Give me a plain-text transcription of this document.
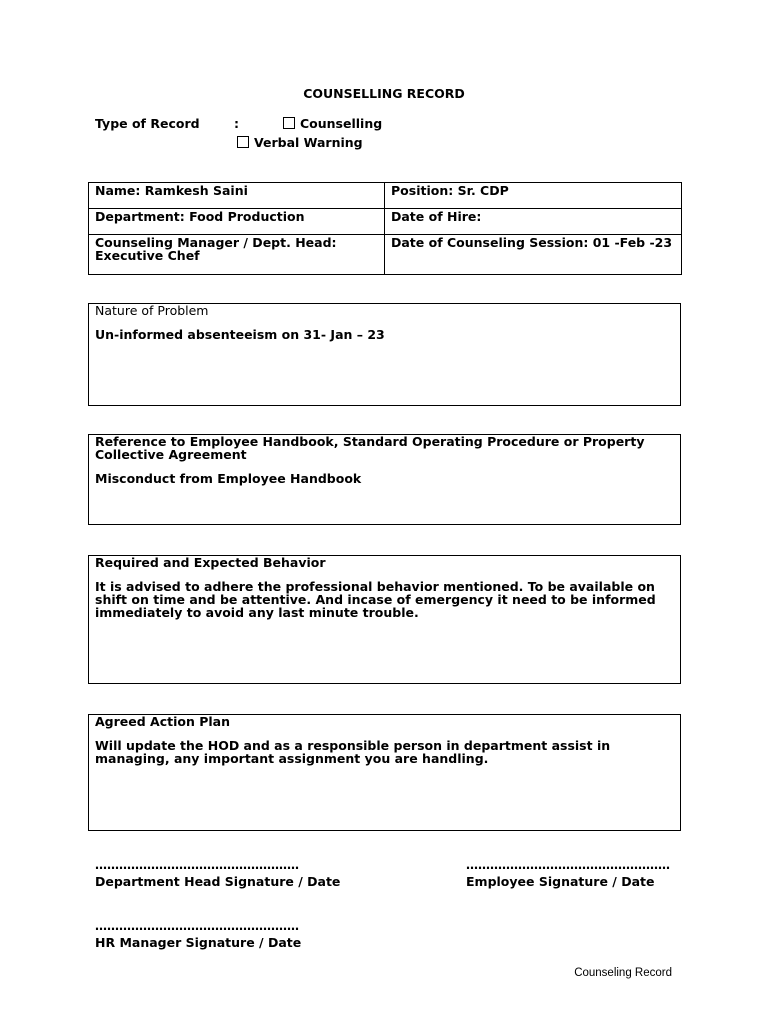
COUNSELLING RECORD
Type of Record	:	Counselling
Verbal Warning
Name: Ramkesh Saini	Position: Sr. CDP
Department: Food Production	Date of Hire:

Counseling Manager / Dept. Head:
Executive Chef	Date of Counseling Session: 01 -Feb -23
Nature of Problem
Un-informed absenteeism on 31- Jan – 23
Reference to Employee Handbook, Standard Operating Procedure or Property Collective Agreement
Misconduct from Employee Handbook
Required and Expected Behavior
It is advised to adhere the professional behavior mentioned. To be available on shift on time and be attentive. And incase of emergency it need to be informed immediately to avoid any last minute trouble.
Agreed Action Plan
Will update the HOD and as a responsible person in department assist in managing, any important assignment you are handling.
……………………………………………
Department Head Signature / Date
……………………………………………
Employee Signature / Date
……………………………………………
HR Manager Signature / Date
Counseling Record
